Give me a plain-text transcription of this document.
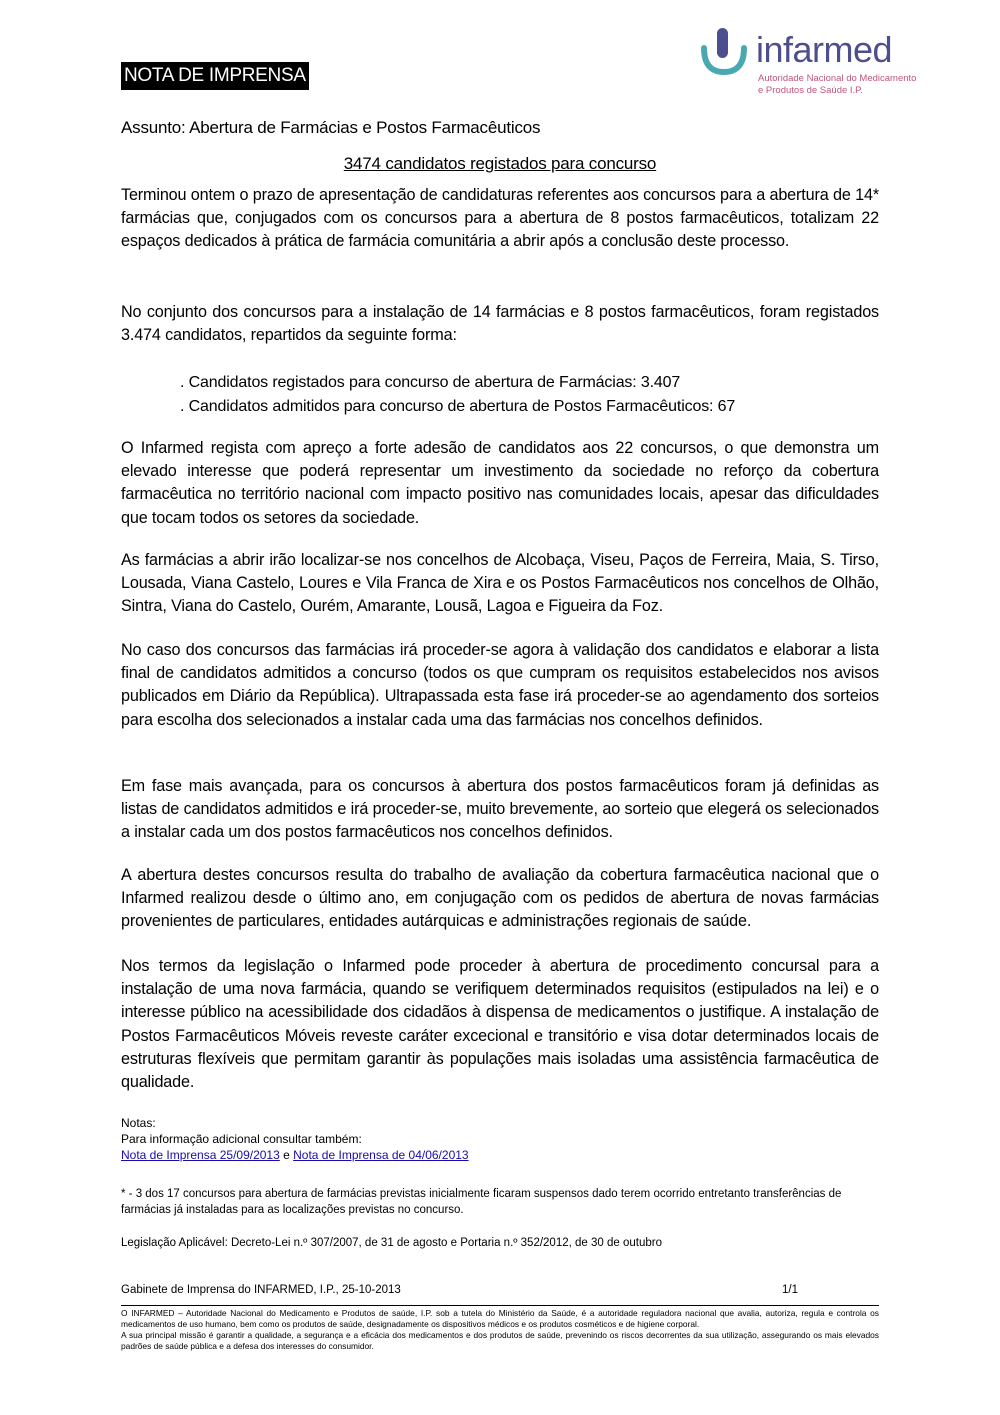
NOTA DE IMPRENSA
infarmed
Autoridade Nacional do Medicamento
e Produtos de Saúde I.P.
Assunto: Abertura de Farmácias e Postos Farmacêuticos
3474 candidatos registados para concurso

Terminou ontem o prazo de apresentação de candidaturas referentes aos concursos para a abertura de 14* farmácias que, conjugados com os concursos para a abertura de 8 postos farmacêuticos, totalizam 22 espaços dedicados à prática de farmácia comunitária a abrir após a conclusão deste processo.

No conjunto dos concursos para a instalação de 14 farmácias e 8 postos farmacêuticos, foram registados 3.474 candidatos, repartidos da seguinte forma:

. Candidatos registados para concurso de abertura de Farmácias: 3.407
. Candidatos admitidos para concurso de abertura de Postos Farmacêuticos: 67

O Infarmed regista com apreço a forte adesão de candidatos aos 22 concursos, o que demonstra um elevado interesse que poderá representar um investimento da sociedade no reforço da cobertura farmacêutica no território nacional com impacto positivo nas comunidades locais, apesar das dificuldades que tocam todos os setores da sociedade.

As farmácias a abrir irão localizar-se nos concelhos de Alcobaça, Viseu, Paços de Ferreira, Maia, S. Tirso, Lousada, Viana Castelo, Loures e Vila Franca de Xira e os Postos Farmacêuticos nos concelhos de Olhão, Sintra, Viana do Castelo, Ourém, Amarante, Lousã, Lagoa e Figueira da Foz.

No caso dos concursos das farmácias irá proceder-se agora à validação dos candidatos e elaborar a lista final de candidatos admitidos a concurso (todos os que cumpram os requisitos estabelecidos nos avisos publicados em Diário da República). Ultrapassada esta fase irá proceder-se ao agendamento dos sorteios para escolha dos selecionados a instalar cada uma das farmácias nos concelhos definidos.

Em fase mais avançada, para os concursos à abertura dos postos farmacêuticos foram já definidas as listas de candidatos admitidos e irá proceder-se, muito brevemente, ao sorteio que elegerá os selecionados a instalar cada um dos postos farmacêuticos nos concelhos definidos.

A abertura destes concursos resulta do trabalho de avaliação da cobertura farmacêutica nacional que o Infarmed realizou desde o último ano, em conjugação com os pedidos de abertura de novas farmácias provenientes de particulares, entidades autárquicas e administrações regionais de saúde.

Nos termos da legislação o Infarmed pode proceder à abertura de procedimento concursal para a instalação de uma nova farmácia, quando se verifiquem determinados requisitos (estipulados na lei) e o interesse público na acessibilidade dos cidadãos à dispensa de medicamentos o justifique. A instalação de Postos Farmacêuticos Móveis reveste caráter excecional e transitório e visa dotar determinados locais de estruturas flexíveis que permitam garantir às populações mais isoladas uma assistência farmacêutica de qualidade.

Notas:
Para informação adicional consultar também:
Nota de Imprensa 25/09/2013 e Nota de Imprensa de 04/06/2013
* - 3 dos 17 concursos para abertura de farmácias previstas inicialmente ficaram suspensos dado terem ocorrido entretanto transferências de farmácias já instaladas para as localizações previstas no concurso.
Legislação Aplicável: Decreto-Lei n.º 307/2007, de 31 de agosto e Portaria n.º 352/2012, de 30 de outubro
Gabinete de Imprensa do INFARMED, I.P., 25-10-2013	1/1
O INFARMED – Autoridade Nacional do Medicamento e Produtos de saúde, I.P. sob a tutela do Ministério da Saúde, é a autoridade reguladora nacional que avalia, autoriza, regula e controla os medicamentos de uso humano, bem como os produtos de saúde, designadamente os dispositivos médicos e os produtos cosméticos e de higiene corporal.
A sua principal missão é garantir a qualidade, a segurança e a eficácia dos medicamentos e dos produtos de saúde, prevenindo os riscos decorrentes da sua utilização, assegurando os mais elevados padrões de saúde pública e a defesa dos interesses do consumidor.
